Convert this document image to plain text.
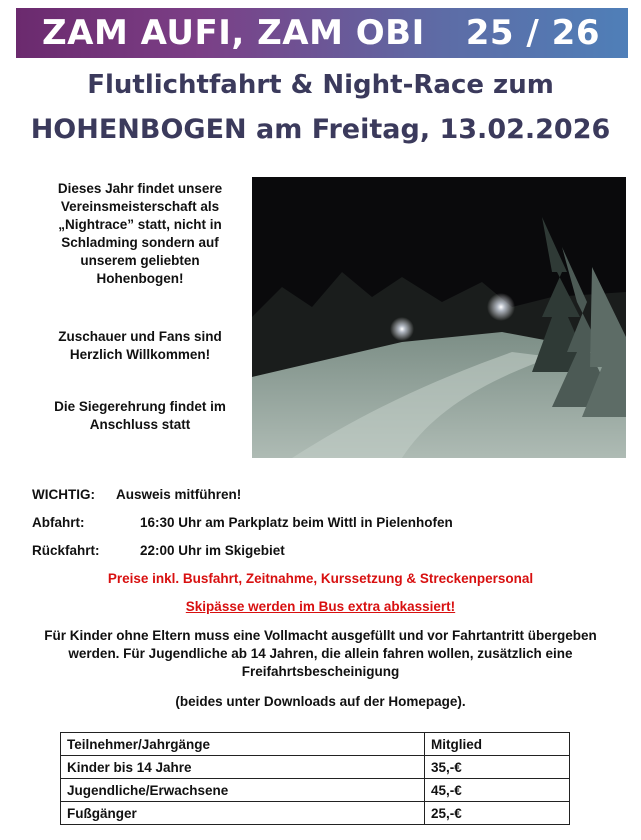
ZAM AUFI, ZAM OBI 25 / 26
Flutlichtfahrt & Night-Race zum
HOHENBOGEN am Freitag, 13.02.2026

Dieses Jahr findet unsere Vereinsmeisterschaft als „Nightrace” statt, nicht in Schladming sondern auf unserem geliebten Hohenbogen!

Zuschauer und Fans sind Herzlich Willkommen!

Die Siegerehrung findet im Anschluss statt

WICHTIG: Ausweis mitführen!
Abfahrt:	16:30 Uhr am Parkplatz beim Wittl in Pielenhofen
Rückfahrt:	22:00 Uhr im Skigebiet
Preise inkl. Busfahrt, Zeitnahme, Kurssetzung & Streckenpersonal
Skipässe werden im Bus extra abkassiert!
Für Kinder ohne Eltern muss eine Vollmacht ausgefüllt und vor Fahrtantritt übergeben werden. Für Jugendliche ab 14 Jahren, die allein fahren wollen, zusätzlich eine Freifahrtsbescheinigung
(beides unter Downloads auf der Homepage).
Teilnehmer/Jahrgänge	Mitglied
Kinder bis 14 Jahre	35,-€
Jugendliche/Erwachsene	45,-€
Fußgänger	25,-€
